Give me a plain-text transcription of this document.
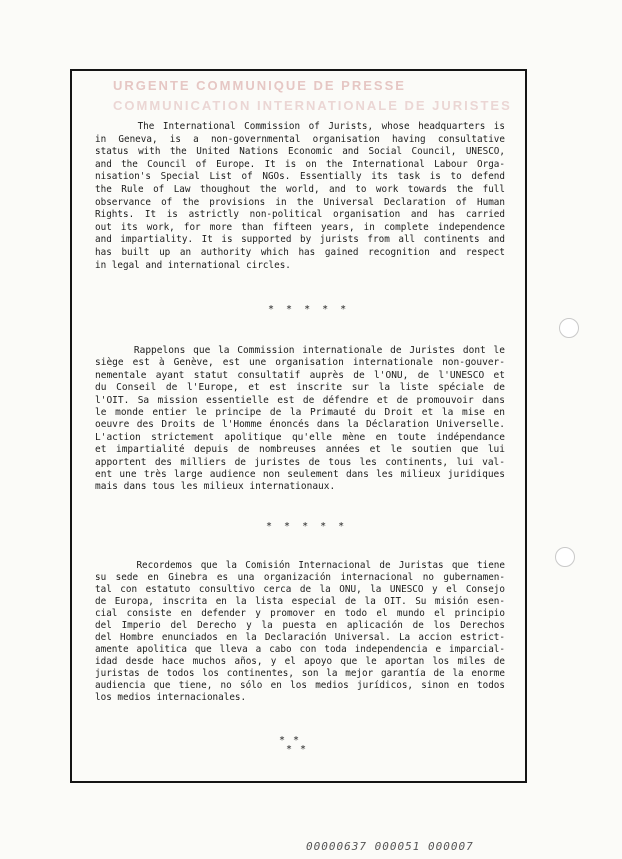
URGENTE COMMUNIQUE DE PRESSE
COMMUNICATION INTERNATIONALE DE JURISTES
The International Commission of Jurists, whose headquarters is
in Geneva, is a non-governmental organisation having consultative
status with the United Nations Economic and Social Council, UNESCO,
and the Council of Europe. It is on the International Labour Orga-
nisation's Special List of NGOs. Essentially its task is to defend
the Rule of Law thoughout the world, and to work towards the full
observance of the provisions in the Universal Declaration of Human
Rights. It is astrictly non-political organisation and has carried
out its work, for more than fifteen years, in complete independence
and impartiality. It is supported by jurists from all continents and
has built up an authority which has gained recognition and respect
in legal and international circles.
* * * * *
Rappelons que la Commission internationale de Juristes dont le
siège est à Genève, est une organisation internationale non-gouver-
nementale ayant statut consultatif auprès de l'ONU, de l'UNESCO et
du Conseil de l'Europe, et est inscrite sur la liste spéciale de
l'OIT. Sa mission essentielle est de défendre et de promouvoir dans
le monde entier le principe de la Primauté du Droit et la mise en
oeuvre des Droits de l'Homme énoncés dans la Déclaration Universelle.
L'action strictement apolitique qu'elle mène en toute indépendance
et impartialité depuis de nombreuses années et le soutien que lui
apportent des milliers de juristes de tous les continents, lui val-
ent une très large audience non seulement dans les milieux juridiques
mais dans tous les milieux internationaux.
* * * * *
Recordemos que la Comisión Internacional de Juristas que tiene
su sede en Ginebra es una organización internacional no gubernamen-
tal con estatuto consultivo cerca de la ONU, la UNESCO y el Consejo
de Europa, inscrita en la lista especial de la OIT. Su misión esen-
cial consiste en defender y promover en todo el mundo el principio
del Imperio del Derecho y la puesta en aplicación de los Derechos
del Hombre enunciados en la Declaración Universal. La accion estrict-
amente apolitica que lleva a cabo con toda independencia e imparcial-
idad desde hace muchos años, y el apoyo que le aportan los miles de
juristas de todos los continentes, son la mejor garantía de la enorme
audiencia que tiene, no sólo en los medios jurídicos, sinon en todos
los medios internacionales.
* *
* *
00000637 000051 000007
